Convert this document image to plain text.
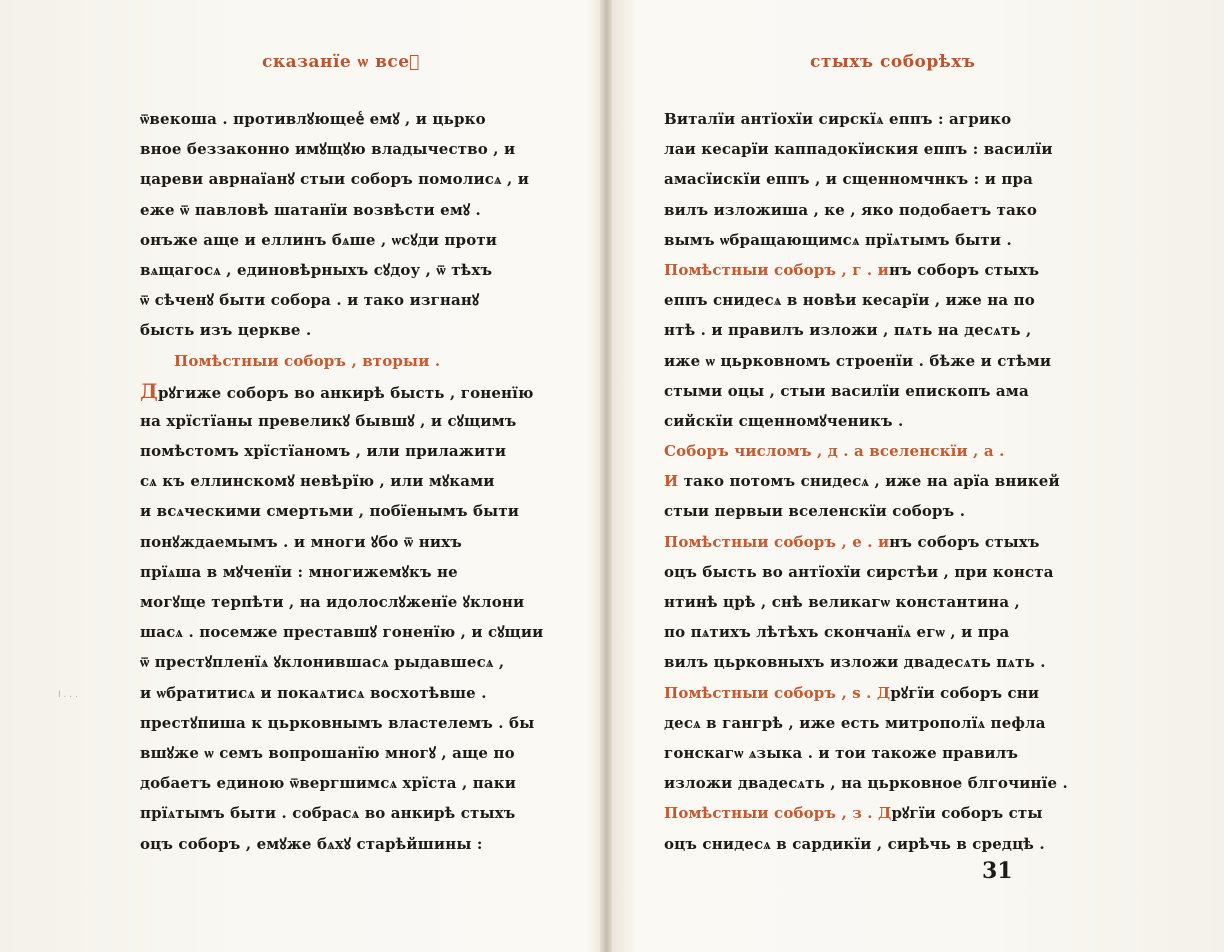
сказанїе ѡ всеⷯ
ѿвекоша . противлꙋющееⷭ емꙋ , и цьрко
вное беззаконно имꙋщꙋю владычество , и
цареви аврнаїанꙋ стыи соборъ помолисѧ , и
еже ѿ павловѣ шатанїи возвѣсти емꙋ .
онъже аще и еллинъ бѧше , ѡсꙋди проти
вѧщагосѧ , единовѣрныхъ сꙋдоу , ѿ тѣхъ
ѿ сѣченꙋ быти собора . и тако изгнанꙋ
бысть изъ церкве .
Помѣстныи соборъ , вторыи .
Дрꙋгиже соборъ во анкирѣ бысть , гоненїю
на хрїстїаны превеликꙋ бывшꙋ , и сꙋщимъ
помѣстомъ хрїстїаномъ , или прилажити
сѧ къ еллинскомꙋ невѣрїю , или мꙋками
и всѧческими смертьми , побїенымъ быти
понꙋждаемымъ . и многи ꙋбо ѿ нихъ
прїѧша в мꙋченїи : многижемꙋкъ не
могꙋще терпѣти , на идолослꙋженїе ꙋклони
шасѧ . посемже преставшꙋ гоненїю , и сꙋщии
ѿ престꙋпленїѧ ꙋклонившасѧ рыдавшесѧ ,
и ѡбратитисѧ и покаѧтисѧ восхотѣвше .
престꙋпиша к цьрковнымъ властелемъ . бы
вшꙋже ѡ семъ вопрошанїю многꙋ , аще по
добаетъ единою ѿвергшимсѧ хрїста , паки
прїѧтымъ быти . собрасѧ во анкирѣ стыхъ
оцъ соборъ , емꙋже бѧхꙋ старѣйшины :
I . . .
стыхъ соборѣхъ
Виталїи антїохїи сирскїѧ еппъ : агрико
лаи кесарїи каппадокїиския еппъ : василїи
амасїискїи еппъ , и сщенномчнкъ : и пра
вилъ изложиша , ке , яко подобаетъ тако
вымъ ѡбращающимсѧ прїѧтымъ быти .
Помѣстныи соборъ , г . инъ соборъ стыхъ
еппъ снидесѧ в новѣи кесарїи , иже на по
нтѣ . и правилъ изложи , пѧть на десѧть ,
иже ѡ цьрковномъ строенїи . бѣже и стѣми
стыми оцы , стыи василїи епископъ ама
сийскїи сщенномꙋченикъ .
Соборъ числомъ , д . а вселенскїи , а .
И тако потомъ снидесѧ , иже на арїа вникей
стыи первыи вселенскїи соборъ .
Помѣстныи соборъ , е . инъ соборъ стыхъ
оцъ бысть во антїохїи сирстѣи , при конста
нтинѣ црѣ , снѣ великагѡ константина ,
по пѧтихъ лѣтѣхъ скончанїѧ егѡ , и пра
вилъ цьрковныхъ изложи двадесѧть пѧть .
Помѣстныи соборъ , ѕ . Дрꙋгїи соборъ сни
десѧ в гангрѣ , иже есть митрополїѧ пефла
гонскагѡ ѧзыка . и тои такоже правилъ
изложи двадесѧть , на цьрковное блгочинїе .
Помѣстныи соборъ , з . Дрꙋгїи соборъ сты
оцъ снидесѧ в сардикїи , сирѣчь в средцѣ .
31
